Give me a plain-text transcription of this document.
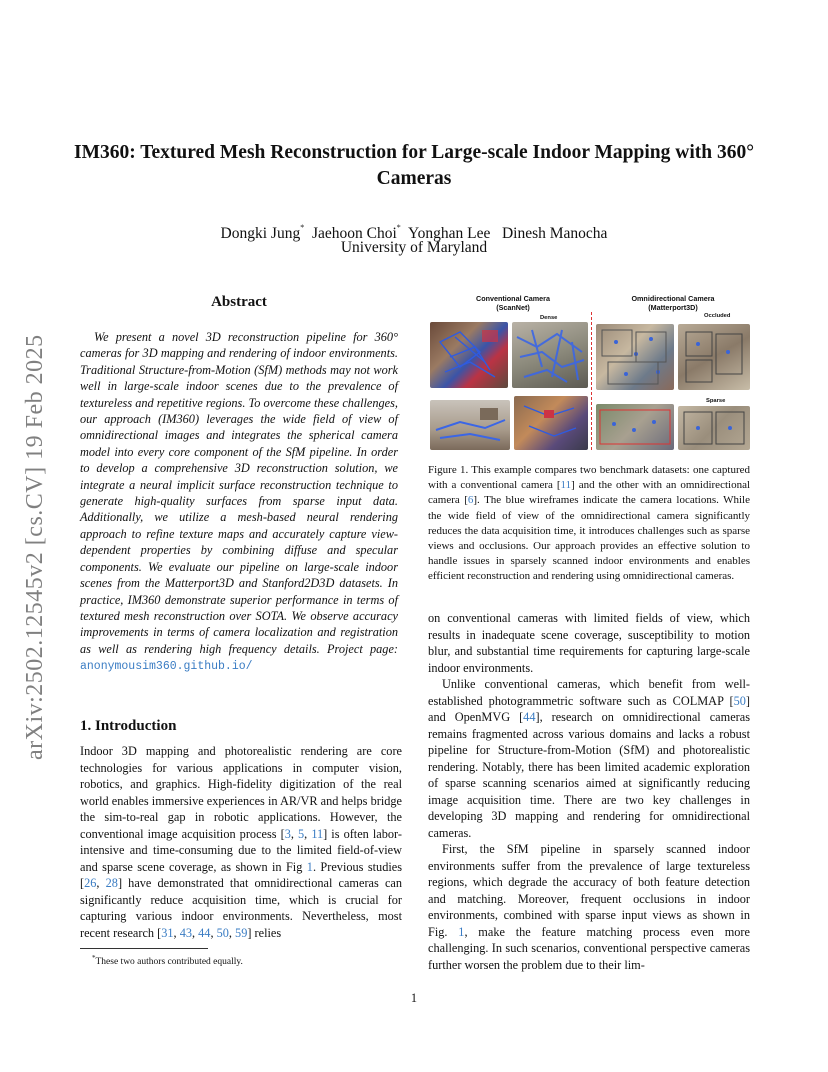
IM360: Textured Mesh Reconstruction for Large-scale Indoor Mapping with 360° Cameras
Dongki Jung* Jaehoon Choi* Yonghan Lee Dinesh Manocha
University of Maryland
arXiv:2502.12545v2 [cs.CV] 19 Feb 2025
Abstract
We present a novel 3D reconstruction pipeline for 360° cameras for 3D mapping and rendering of indoor environments. Traditional Structure-from-Motion (SfM) methods may not work well in large-scale indoor scenes due to the prevalence of textureless and repetitive regions. To overcome these challenges, our approach (IM360) leverages the wide field of view of omnidirectional images and integrates the spherical camera model into every core component of the SfM pipeline. In order to develop a comprehensive 3D reconstruction solution, we integrate a neural implicit surface reconstruction technique to generate high-quality surfaces from sparse input data. Additionally, we utilize a mesh-based neural rendering approach to refine texture maps and accurately capture view-dependent properties by combining diffuse and specular components. We evaluate our pipeline on large-scale indoor scenes from the Matterport3D and Stanford2D3D datasets. In practice, IM360 demonstrate superior performance in terms of textured mesh reconstruction over SOTA. We observe accuracy improvements in terms of camera localization and registration as well as rendering high frequency details. Project page: anonymousim360.github.io/
1. Introduction
Indoor 3D mapping and photorealistic rendering are core technologies for various applications in computer vision, robotics, and graphics. High-fidelity digitization of the real world enables immersive experiences in AR/VR and helps bridge the sim-to-real gap in robotic applications. However, the conventional image acquisition process [3, 5, 11] is often labor-intensive and time-consuming due to the limited field-of-view and sparse scene coverage, as shown in Fig 1. Previous studies [26, 28] have demonstrated that omnidirectional cameras can significantly reduce acquisition time, which is crucial for capturing various indoor environments. Nevertheless, most recent research [31, 43, 44, 50, 59] relies
*These two authors contributed equally.
1
Conventional Camera
(ScanNet)
Omnidirectional Camera
(Matterport3D)
Dense	Occluded
Sparse
Figure 1. This example compares two benchmark datasets: one captured with a conventional camera [11] and the other with an omnidirectional camera [6]. The blue wireframes indicate the camera locations. While the wide field of view of the omnidirectional camera significantly reduces the data acquisition time, it introduces challenges such as sparse views and occlusions. Our approach provides an effective solution to handle issues in sparsely scanned indoor environments and enables efficient reconstruction and rendering using omnidirectional cameras.

on conventional cameras with limited fields of view, which results in inadequate scene coverage, susceptibility to motion blur, and substantial time requirements for capturing large-scale indoor environments.

Unlike conventional cameras, which benefit from well-established photogrammetric software such as COLMAP [50] and OpenMVG [44], research on omnidirectional cameras remains fragmented across various domains and lacks a robust pipeline for Structure-from-Motion (SfM) and photorealistic rendering. Notably, there has been limited academic exploration of sparse scanning scenarios aimed at significantly reducing image acquisition time. There are two key challenges in developing 3D mapping and rendering for omnidirectional cameras.

First, the SfM pipeline in sparsely scanned indoor environments suffer from the prevalence of large textureless regions, which degrade the accuracy of both feature detection and matching. Moreover, frequent occlusions in indoor environments, combined with sparse input views as shown in Fig. 1, make the feature matching process even more challenging. In such scenarios, conventional perspective cameras further worsen the problem due to their lim-
